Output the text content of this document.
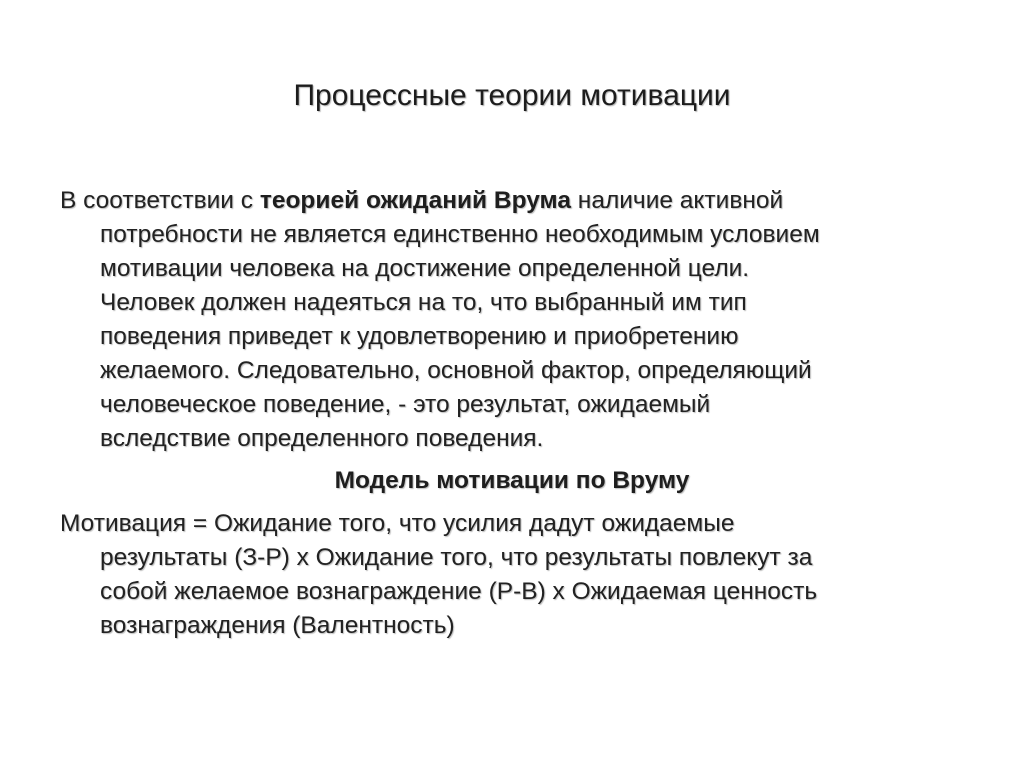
Процессные теории мотивации
В соответствии с теорией ожиданий Врума наличие активной
потребности не является единственно необходимым условием
мотивации человека на достижение определенной цели.
Человек должен надеяться на то, что выбранный им тип
поведения приведет к удовлетворению и приобретению
желаемого. Следовательно, основной фактор, определяющий
человеческое поведение, - это результат, ожидаемый
вследствие определенного поведения.
Модель мотивации по Вруму
Мотивация = Ожидание того, что усилия дадут ожидаемые
результаты (З-Р) х Ожидание того, что результаты повлекут за
собой желаемое вознаграждение (Р-В) х Ожидаемая ценность
вознаграждения (Валентность)
